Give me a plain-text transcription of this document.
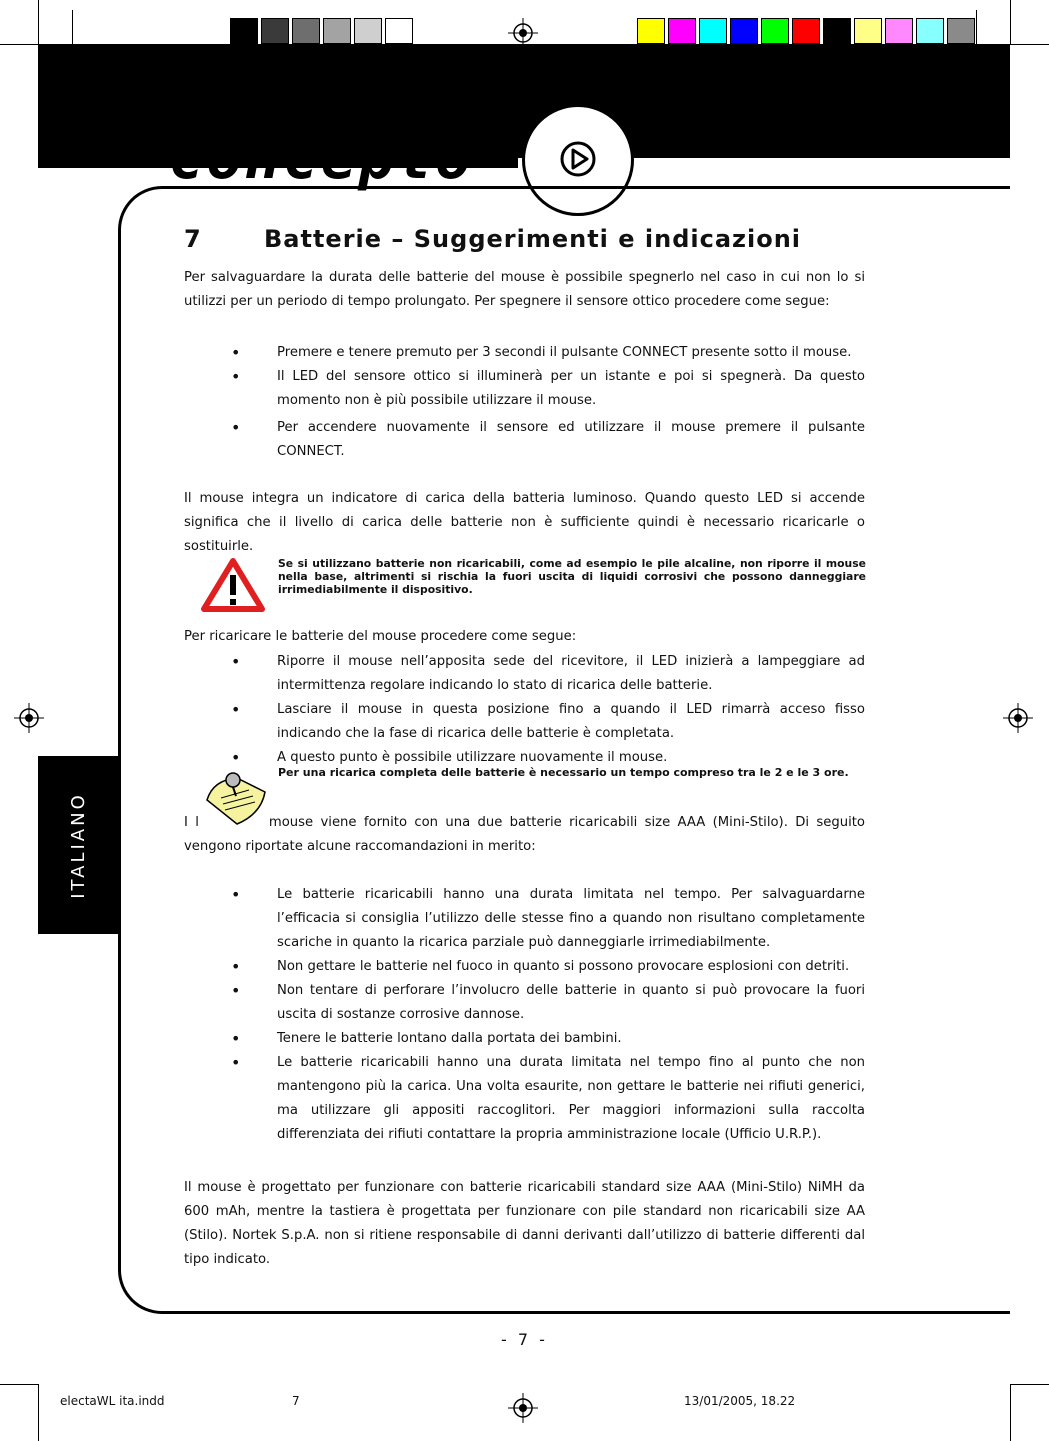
concepto
ITALIANO
7	Batterie – Suggerimenti e indicazioni
Per salvaguardare la durata delle batterie del mouse è possibile spegnerlo nel caso in cui non lo si utilizzi per un periodo di tempo prolungato. Per spegnere il sensore ottico procedere come segue:
• Premere e tenere premuto per 3 secondi il pulsante CONNECT presente sotto il mouse.
• Il LED del sensore ottico si illuminerà per un istante e poi si spegnerà. Da questo momento non è più possibile utilizzare il mouse.
• Per accendere nuovamente il sensore ed utilizzare il mouse premere il pulsante CONNECT.
Il mouse integra un indicatore di carica della batteria luminoso. Quando questo LED si accende significa che il livello di carica delle batterie non è sufficiente quindi è necessario ricaricarle o sostituirle.
Se si utilizzano batterie non ricaricabili, come ad esempio le pile alcaline, non riporre il mouse nella base, altrimenti si rischia la fuori uscita di liquidi corrosivi che possono danneggiare irrimediabilmente il dispositivo.
Per ricaricare le batterie del mouse procedere come segue:
• Riporre il mouse nell’apposita sede del ricevitore, il LED inizierà a lampeggiare ad intermittenza regolare indicando lo stato di ricarica delle batterie.
• Lasciare il mouse in questa posizione fino a quando il LED rimarrà acceso fisso indicando che la fase di ricarica delle batterie è completata.
• A questo punto è possibile utilizzare nuovamente il mouse.
Per una ricarica completa delle batterie è necessario un tempo compreso tra le 2 e le 3 ore.
I l	mouse viene fornito con una due batterie ricaricabili size AAA (Mini-Stilo). Di seguito vengono riportate alcune raccomandazioni in merito:
• Le batterie ricaricabili hanno una durata limitata nel tempo. Per salvaguardarne l’efficacia si consiglia l’utilizzo delle stesse fino a quando non risultano completamente scariche in quanto la ricarica parziale può danneggiarle irrimediabilmente.
• Non gettare le batterie nel fuoco in quanto si possono provocare esplosioni con detriti.
• Non tentare di perforare l’involucro delle batterie in quanto si può provocare la fuori uscita di sostanze corrosive dannose.
• Tenere le batterie lontano dalla portata dei bambini.
• Le batterie ricaricabili hanno una durata limitata nel tempo fino al punto che non mantengono più la carica. Una volta esaurite, non gettare le batterie nei rifiuti generici, ma utilizzare gli appositi raccoglitori. Per maggiori informazioni sulla raccolta differenziata dei rifiuti contattare la propria amministrazione locale (Ufficio U.R.P.).
Il mouse è progettato per funzionare con batterie ricaricabili standard size AAA (Mini-Stilo) NiMH da 600 mAh, mentre la tastiera è progettata per funzionare con pile standard non ricaricabili size AA (Stilo). Nortek S.p.A. non si ritiene responsabile di danni derivanti dall’utilizzo di batterie differenti dal tipo indicato.
- 7 -
electaWL ita.indd	7	13/01/2005, 18.22
